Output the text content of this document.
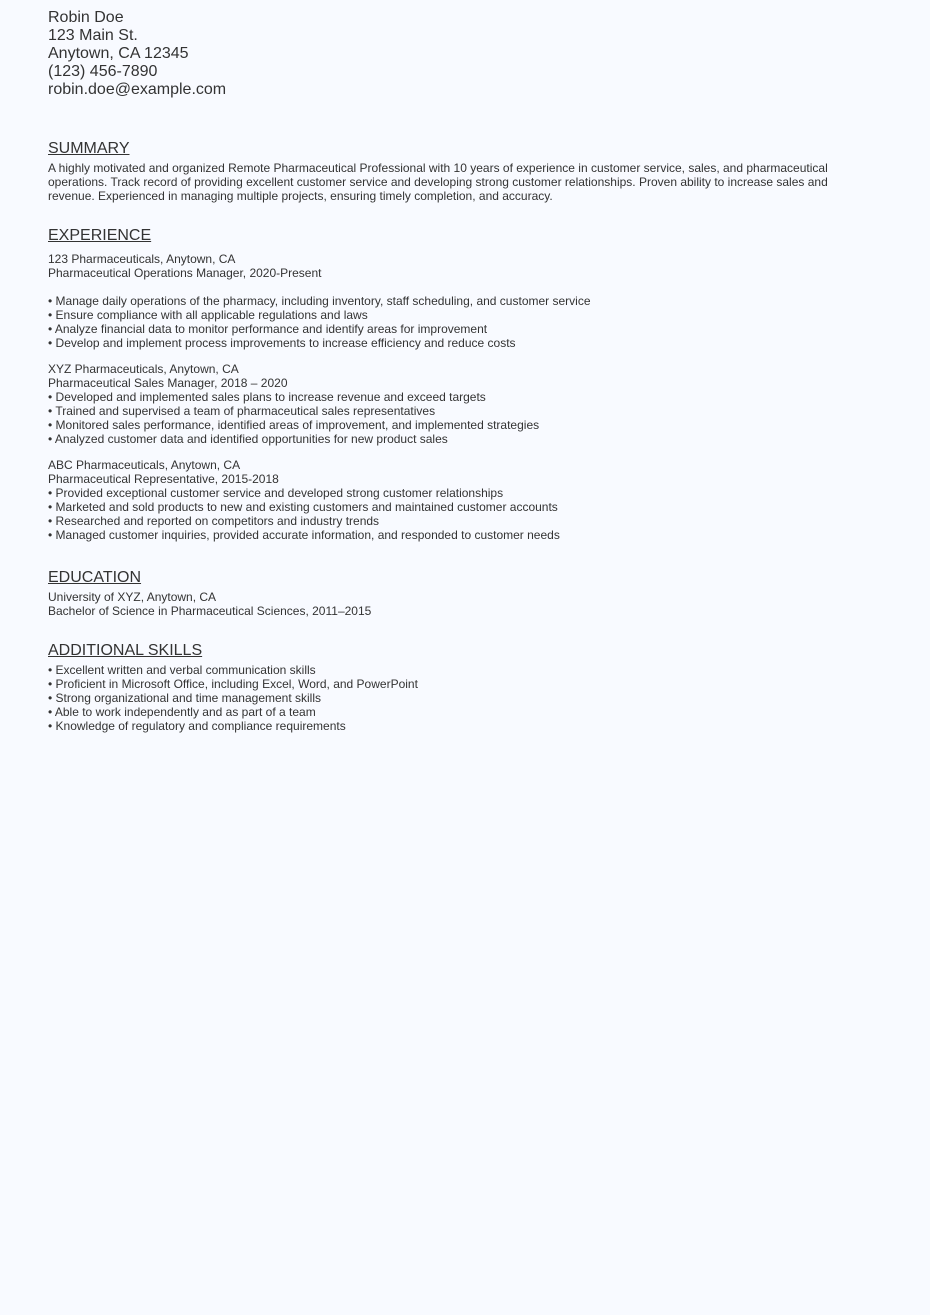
Robin Doe
123 Main St.
Anytown, CA 12345
(123) 456-7890
robin.doe@example.com
SUMMARY
A highly motivated and organized Remote Pharmaceutical Professional with 10 years of experience in customer service, sales, and pharmaceutical operations. Track record of providing excellent customer service and developing strong customer relationships. Proven ability to increase sales and revenue. Experienced in managing multiple projects, ensuring timely completion, and accuracy.
EXPERIENCE
123 Pharmaceuticals, Anytown, CA
Pharmaceutical Operations Manager, 2020-Present
• Manage daily operations of the pharmacy, including inventory, staff scheduling, and customer service
• Ensure compliance with all applicable regulations and laws
• Analyze financial data to monitor performance and identify areas for improvement
• Develop and implement process improvements to increase efficiency and reduce costs
XYZ Pharmaceuticals, Anytown, CA
Pharmaceutical Sales Manager, 2018 – 2020
• Developed and implemented sales plans to increase revenue and exceed targets
• Trained and supervised a team of pharmaceutical sales representatives
• Monitored sales performance, identified areas of improvement, and implemented strategies
• Analyzed customer data and identified opportunities for new product sales
ABC Pharmaceuticals, Anytown, CA
Pharmaceutical Representative, 2015-2018
• Provided exceptional customer service and developed strong customer relationships
• Marketed and sold products to new and existing customers and maintained customer accounts
• Researched and reported on competitors and industry trends
• Managed customer inquiries, provided accurate information, and responded to customer needs
EDUCATION
University of XYZ, Anytown, CA
Bachelor of Science in Pharmaceutical Sciences, 2011–2015
ADDITIONAL SKILLS
• Excellent written and verbal communication skills
• Proficient in Microsoft Office, including Excel, Word, and PowerPoint
• Strong organizational and time management skills
• Able to work independently and as part of a team
• Knowledge of regulatory and compliance requirements
